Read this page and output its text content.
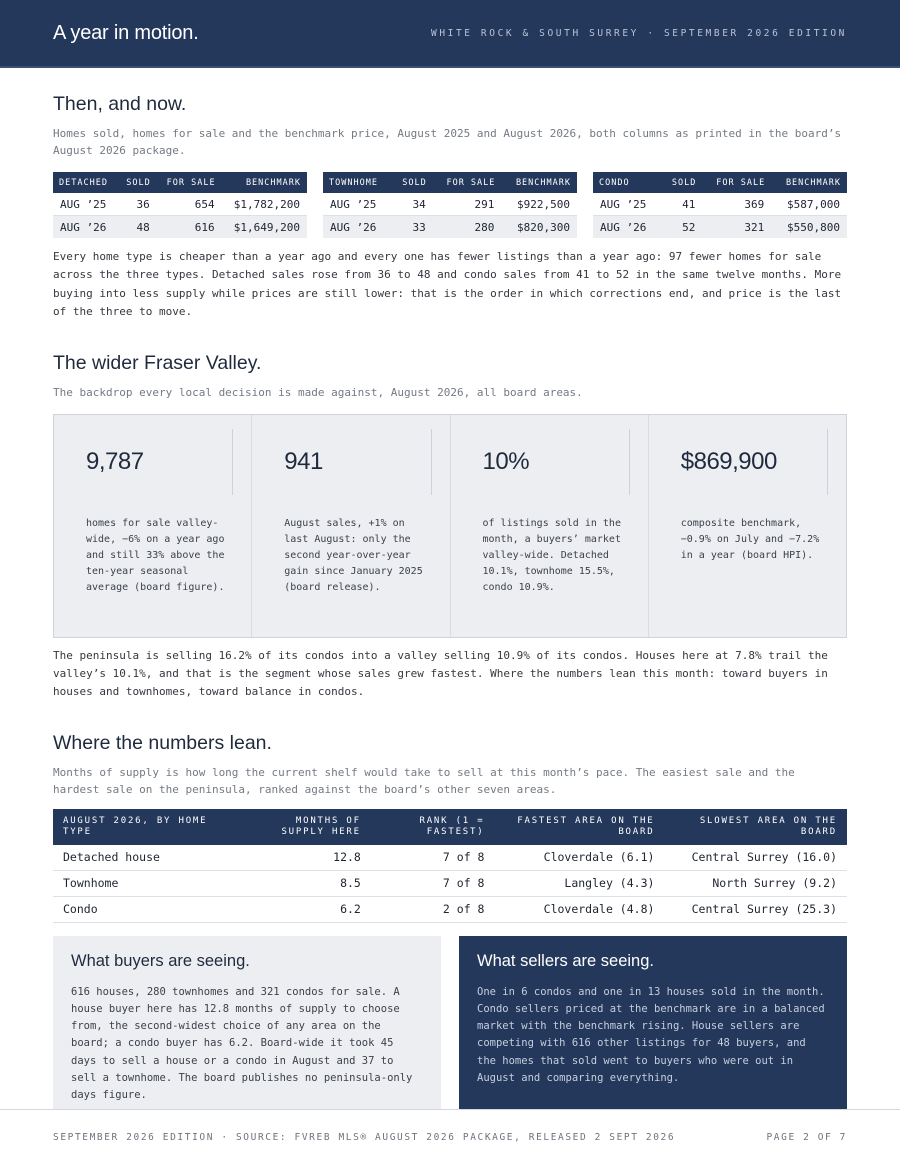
A year in motion.	WHITE ROCK & SOUTH SURREY · SEPTEMBER 2026 EDITION
Then, and now.

Homes sold, homes for sale and the benchmark price, August 2025 and August 2026, both columns as printed in the board’s August 2026 package.

DETACHED	SOLD	FOR SALE	BENCHMARK
AUG ’25	36	654	$1,782,200
AUG ’26	48	616	$1,649,200
TOWNHOME	SOLD	FOR SALE	BENCHMARK
AUG ’25	34	291	$922,500
AUG ’26	33	280	$820,300
CONDO	SOLD	FOR SALE	BENCHMARK
AUG ’25	41	369	$587,000
AUG ’26	52	321	$550,800

Every home type is cheaper than a year ago and every one has fewer listings than a year ago: 97 fewer homes for sale across the three types. Detached sales rose from 36 to 48 and condo sales from 41 to 52 in the same twelve months. More buying into less supply while prices are still lower: that is the order in which corrections end, and price is the last of the three to move.

The wider Fraser Valley.

The backdrop every local decision is made against, August 2026, all board areas.

9,787
homes for sale valley-wide, −6% on a year ago and still 33% above the ten-year seasonal average (board figure).
941
August sales, +1% on last August: only the second year-over-year gain since January 2025 (board release).
10%
of listings sold in the month, a buyers’ market valley-wide. Detached 10.1%, townhome 15.5%, condo 10.9%.
$869,900
composite benchmark, −0.9% on July and −7.2% in a year (board HPI).

The peninsula is selling 16.2% of its condos into a valley selling 10.9% of its condos. Houses here at 7.8% trail the valley’s 10.1%, and that is the segment whose sales grew fastest. Where the numbers lean this month: toward buyers in houses and townhomes, toward balance in condos.

Where the numbers lean.

Months of supply is how long the current shelf would take to sell at this month’s pace. The easiest sale and the hardest sale on the peninsula, ranked against the board’s other seven areas.

AUGUST 2026, BY HOME TYPE	MONTHS OF SUPPLY HERE	RANK (1 = FASTEST)	FASTEST AREA ON THE BOARD	SLOWEST AREA ON THE BOARD
Detached house	12.8	7 of 8	Cloverdale (6.1)	Central Surrey (16.0)
Townhome	8.5	7 of 8	Langley (4.3)	North Surrey (9.2)
Condo	6.2	2 of 8	Cloverdale (4.8)	Central Surrey (25.3)
What buyers are seeing.

616 houses, 280 townhomes and 321 condos for sale. A house buyer here has 12.8 months of supply to choose from, the second-widest choice of any area on the board; a condo buyer has 6.2. Board-wide it took 45 days to sell a house or a condo in August and 37 to sell a townhome. The board publishes no peninsula-only days figure.

What sellers are seeing.

One in 6 condos and one in 13 houses sold in the month. Condo sellers priced at the benchmark are in a balanced market with the benchmark rising. House sellers are competing with 616 other listings for 48 buyers, and the homes that sold went to buyers who were out in August and comparing everything.

SEPTEMBER 2026 EDITION · SOURCE: FVREB MLS® AUGUST 2026 PACKAGE, RELEASED 2 SEPT 2026	PAGE 2 OF 7
